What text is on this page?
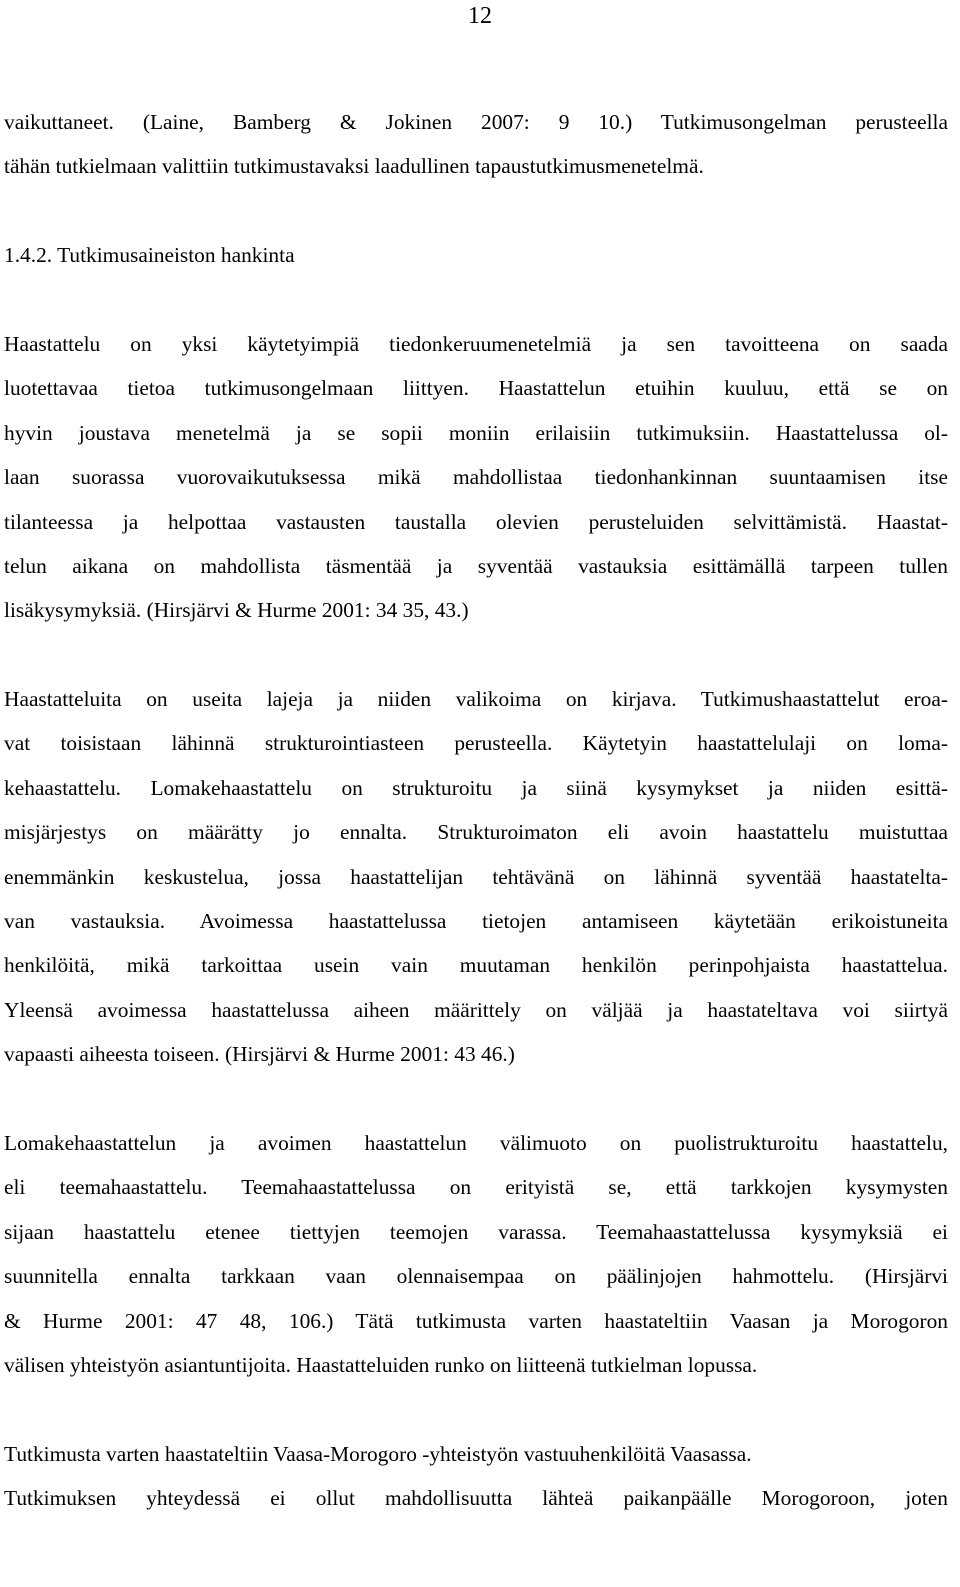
12
vaikuttaneet. (Laine, Bamberg & Jokinen 2007: 9 10.) Tutkimusongelman perusteella
tähän tutkielmaan valittiin tutkimustavaksi laadullinen tapaustutkimusmenetelmä.
1.4.2. Tutkimusaineiston hankinta
Haastattelu on yksi käytetyimpiä tiedonkeruumenetelmiä ja sen tavoitteena on saada
luotettavaa tietoa tutkimusongelmaan liittyen. Haastattelun etuihin kuuluu, että se on
hyvin joustava menetelmä ja se sopii moniin erilaisiin tutkimuksiin. Haastattelussa ol-
laan suorassa vuorovaikutuksessa mikä mahdollistaa tiedonhankinnan suuntaamisen itse
tilanteessa ja helpottaa vastausten taustalla olevien perusteluiden selvittämistä. Haastat-
telun aikana on mahdollista täsmentää ja syventää vastauksia esittämällä tarpeen tullen
lisäkysymyksiä. (Hirsjärvi & Hurme 2001: 34 35, 43.)
Haastatteluita on useita lajeja ja niiden valikoima on kirjava. Tutkimushaastattelut eroa-
vat toisistaan lähinnä strukturointiasteen perusteella. Käytetyin haastattelulaji on lomа-
kehaastattelu. Lomakehaastattelu on strukturoitu ja siinä kysymykset ja niiden esittä-
misjärjestys on määrätty jo ennalta. Strukturoimaton eli avoin haastattelu muistuttaa
enemmänkin keskustelua, jossa haastattelijan tehtävänä on lähinnä syventää haastatelta-
van vastauksia. Avoimessa haastattelussa tietojen antamiseen käytetään erikoistuneita
henkilöitä, mikä tarkoittaa usein vain muutaman henkilön perinpohjaista haastattelua.
Yleensä avoimessa haastattelussa aiheen määrittely on väljää ja haastateltava voi siirtyä
vapaasti aiheesta toiseen. (Hirsjärvi & Hurme 2001: 43 46.)
Lomakehaastattelun ja avoimen haastattelun välimuoto on puolistrukturoitu haastattelu,
eli teemahaastattelu. Teemahaastattelussa on erityistä se, että tarkkojen kysymysten
sijaan haastattelu etenee tiettyjen teemojen varassa. Teemahaastattelussa kysymyksiä ei
suunnitella ennalta tarkkaan vaan olennaisempaa on päälinjojen hahmottelu. (Hirsjärvi
& Hurme 2001: 47 48, 106.) Tätä tutkimusta varten haastateltiin Vaasan ja Morogoron
välisen yhteistyön asiantuntijoita. Haastatteluiden runko on liitteenä tutkielman lopussa.
Tutkimusta varten haastateltiin Vaasa-Morogoro -yhteistyön vastuuhenkilöitä Vaasassa.
Tutkimuksen yhteydessä ei ollut mahdollisuutta lähteä paikanpäälle Morogoroon, joten
